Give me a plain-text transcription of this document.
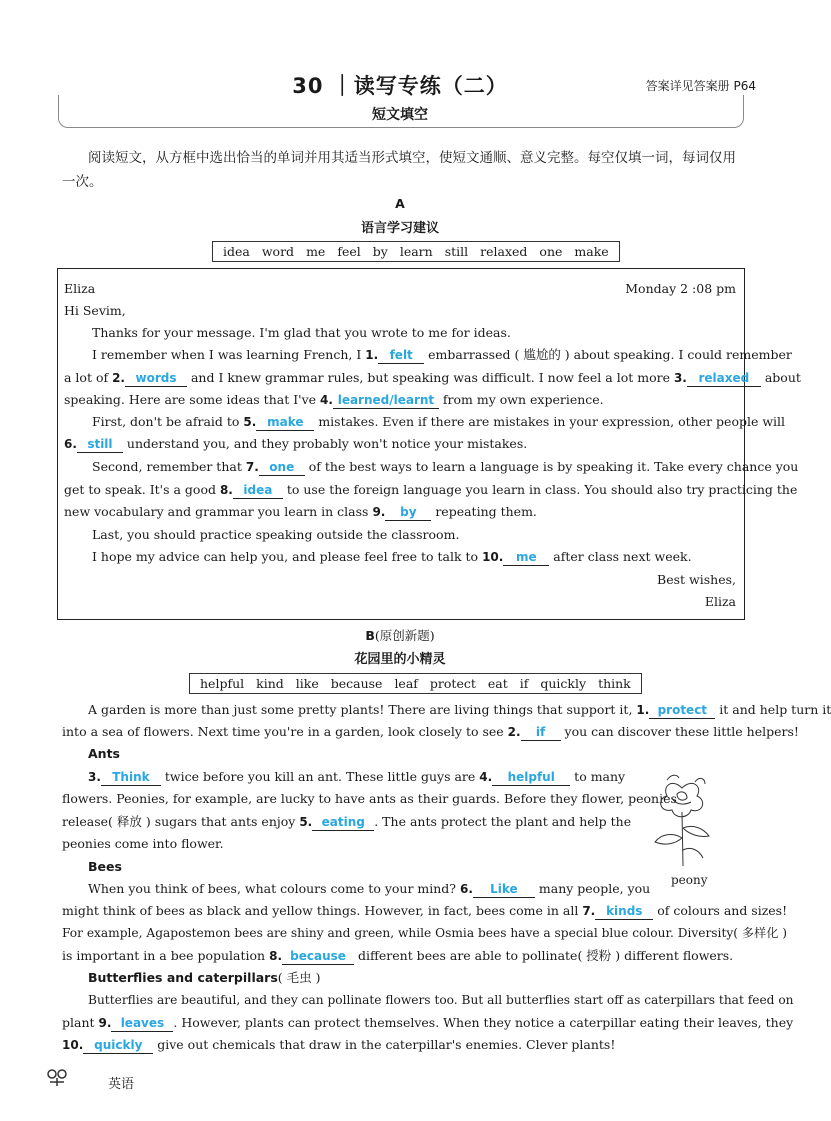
30 ｜读写专练（二）	答案详见答案册 P64
短文填空
阅读短文，从方框中选出恰当的单词并用其适当形式填空，使短文通顺、意义完整。每空仅填一词，每词仅用一次。
A
语言学习建议
idea word me feel by learn still relaxed one make
Eliza	Monday 2 :08 pm
Hi Sevim,
Thanks for your message. I'm glad that you wrote to me for ideas.
I remember when I was learning French, I 1. felt embarrassed ( 尴尬的 ) about speaking. I could remember
a lot of 2. words and I knew grammar rules, but speaking was difficult. I now feel a lot more 3. relaxed about
speaking. Here are some ideas that I've 4. learned/learnt from my own experience.
First, don't be afraid to 5. make mistakes. Even if there are mistakes in your expression, other people will
6. still understand you, and they probably won't notice your mistakes.
Second, remember that 7. one of the best ways to learn a language is by speaking it. Take every chance you
get to speak. It's a good 8. idea to use the foreign language you learn in class. You should also try practicing the
new vocabulary and grammar you learn in class 9. by repeating them.
Last, you should practice speaking outside the classroom.
I hope my advice can help you, and please feel free to talk to 10. me after class next week.
Best wishes,
Eliza
B(原创新题)
花园里的小精灵
helpful kind like because leaf protect eat if quickly think
A garden is more than just some pretty plants! There are living things that support it, 1. protect it and help turn it
into a sea of flowers. Next time you're in a garden, look closely to see 2. if you can discover these little helpers!
Ants
3. Think twice before you kill an ant. These little guys are 4. helpful to many
flowers. Peonies, for example, are lucky to have ants as their guards. Before they flower, peonies
release( 释放 ) sugars that ants enjoy 5. eating . The ants protect the plant and help the
peonies come into flower.
peony
Bees
When you think of bees, what colours come to your mind? 6. Like many people, you
might think of bees as black and yellow things. However, in fact, bees come in all 7. kinds of colours and sizes!
For example, Agapostemon bees are shiny and green, while Osmia bees have a special blue colour. Diversity( 多样化 )
is important in a bee population 8. because different bees are able to pollinate( 授粉 ) different flowers.
Butterflies and caterpillars( 毛虫 )
Butterflies are beautiful, and they can pollinate flowers too. But all butterflies start off as caterpillars that feed on
plant 9. leaves . However, plants can protect themselves. When they notice a caterpillar eating their leaves, they
10. quickly give out chemicals that draw in the caterpillar's enemies. Clever plants!
英语
